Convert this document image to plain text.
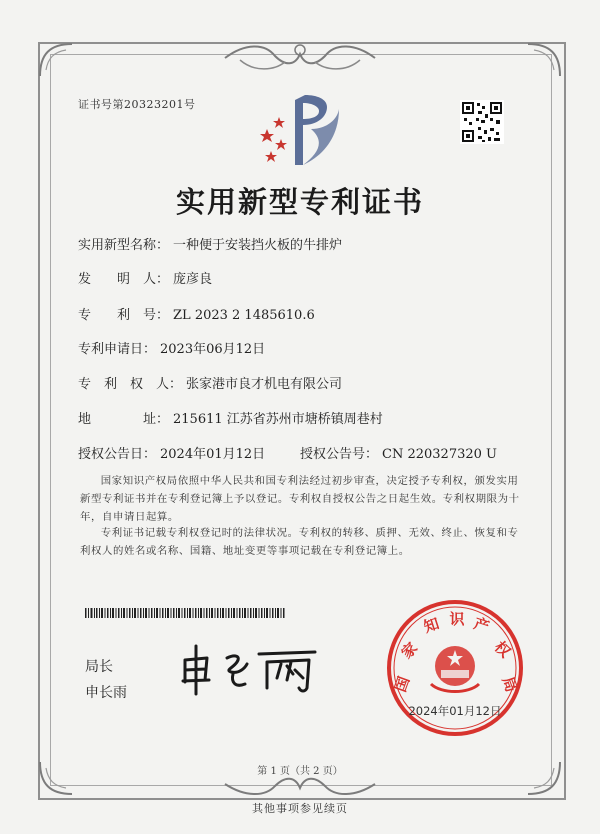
证书号第20323201号
实用新型专利证书
实用新型名称： 一种便于安装挡火板的牛排炉
发　　明　人： 庞彦良
专　　利　号： ZL 2023 2 1485610.6
专利申请日： 2023年06月12日
专　利　权　人： 张家港市良才机电有限公司
地　　　　址： 215611 江苏省苏州市塘桥镇周巷村
授权公告日： 2024年01月12日	授权公告号： CN 220327320 U
国家知识产权局依照中华人民共和国专利法经过初步审查，决定授予专利权，颁发实用新型专利证书并在专利登记簿上予以登记。专利权自授权公告之日起生效。专利权期限为十年，自申请日起算。
专利证书记载专利权登记时的法律状况。专利权的转移、质押、无效、终止、恢复和专利权人的姓名或名称、国籍、地址变更等事项记载在专利登记簿上。
局长
申长雨	国
家
知 识 产
权
局
2024年01月12日
第 1 页（共 2 页）
其他事项参见续页
